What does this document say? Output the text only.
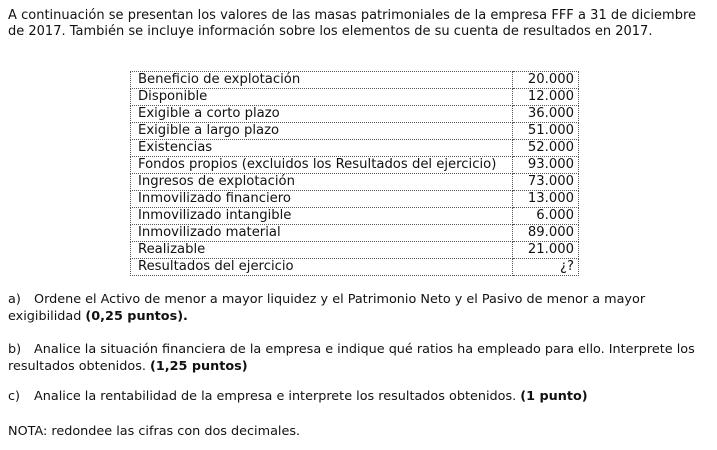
A continuación se presentan los valores de las masas patrimoniales de la empresa FFF a 31 de diciembre de 2017. También se incluye información sobre los elementos de su cuenta de resultados en 2017.

Beneficio de explotación	20.000
Disponible	12.000
Exigible a corto plazo	36.000
Exigible a largo plazo	51.000
Existencias	52.000
Fondos propios (excluidos los Resultados del ejercicio)	93.000
Ingresos de explotación	73.000
Inmovilizado financiero	13.000
Inmovilizado intangible	6.000
Inmovilizado material	89.000
Realizable	21.000
Resultados del ejercicio	¿?

a) Ordene el Activo de menor a mayor liquidez y el Patrimonio Neto y el Pasivo de menor a mayor exigibilidad (0,25 puntos).

b) Analice la situación financiera de la empresa e indique qué ratios ha empleado para ello. Interprete los resultados obtenidos. (1,25 puntos)

c) Analice la rentabilidad de la empresa e interprete los resultados obtenidos. (1 punto)

NOTA: redondee las cifras con dos decimales.
